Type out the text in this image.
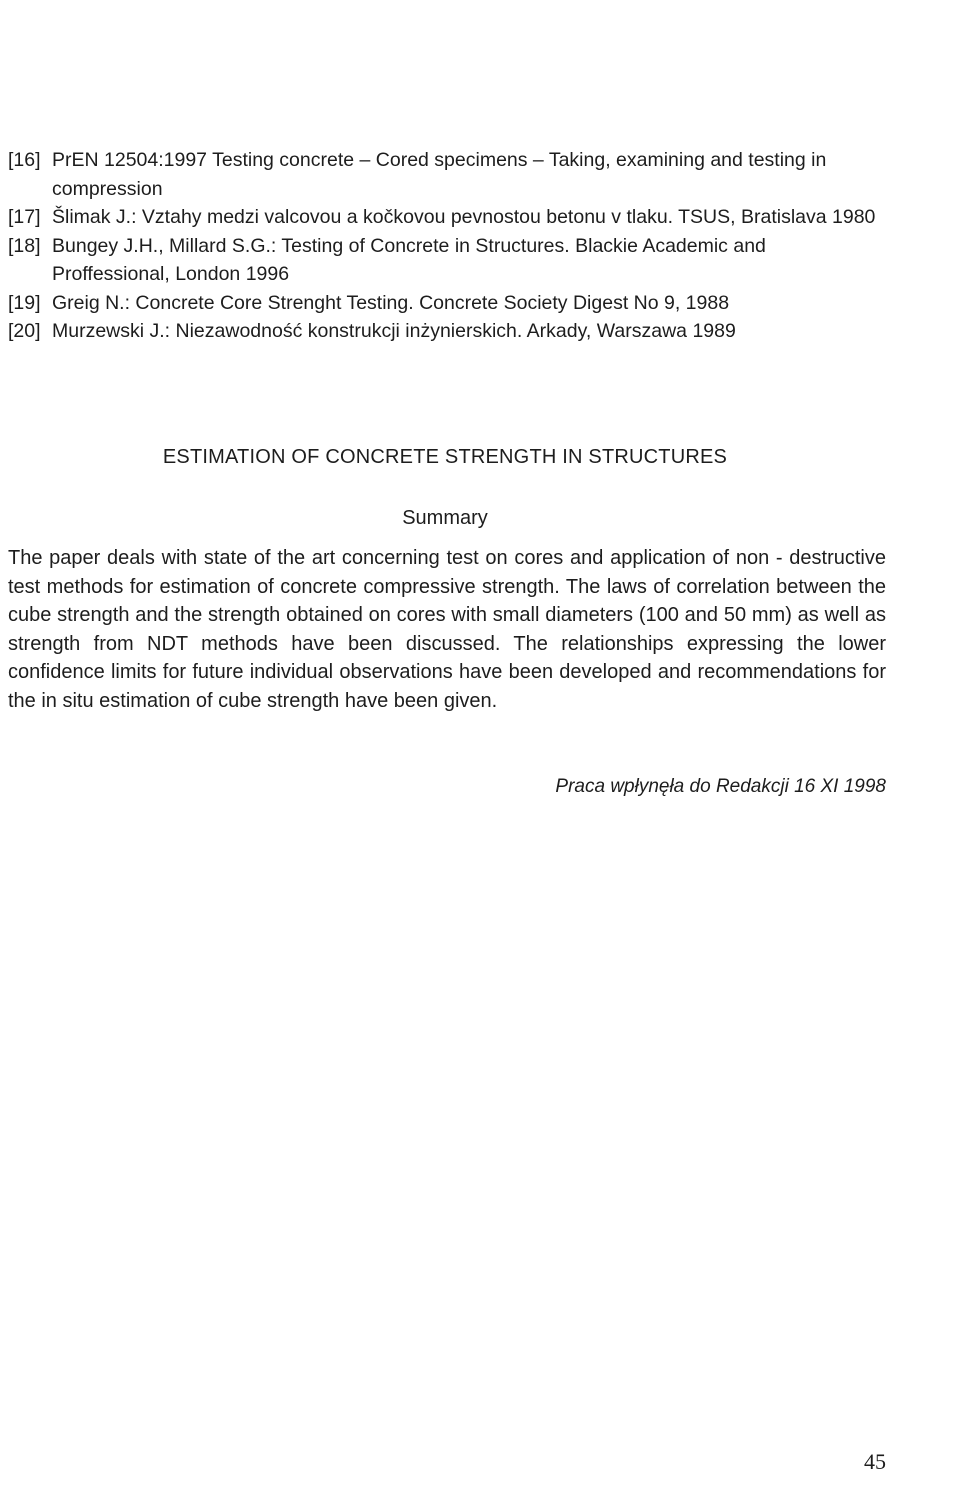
[16] PrEN 12504:1997 Testing concrete – Cored specimens – Taking, examining and testing in compression
[17] Šlimak J.: Vztahy medzi valcovou a kočkovou pevnostou betonu v tlaku. TSUS, Bratislava 1980
[18] Bungey J.H., Millard S.G.: Testing of Concrete in Structures. Blackie Academic and Proffessional, London 1996
[19] Greig N.: Concrete Core Strenght Testing. Concrete Society Digest No 9, 1988
[20] Murzewski J.: Niezawodność konstrukcji inżynierskich. Arkady, Warszawa 1989
ESTIMATION OF CONCRETE STRENGTH IN STRUCTURES
Summary

The paper deals with state of the art concerning test on cores and application of non - destructive test methods for estimation of concrete compressive strength. The laws of correlation between the cube strength and the strength obtained on cores with small diameters (100 and 50 mm) as well as strength from NDT methods have been discussed. The relationships expressing the lower confidence limits for future individual observations have been developed and recommendations for the in situ estimation of cube strength have been given.

Praca wpłynęła do Redakcji 16 XI 1998
45
